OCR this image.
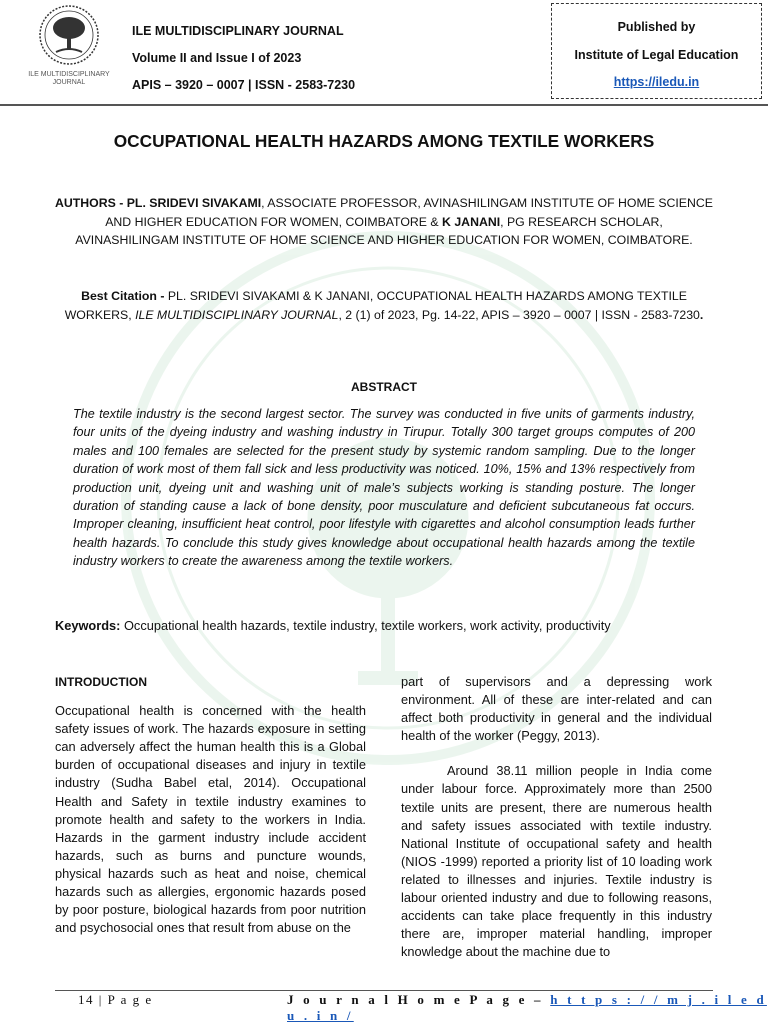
ILE MULTIDISCIPLINARY
JOURNAL
ILE MULTIDISCIPLINARY JOURNAL
Volume II and Issue I of 2023
APIS – 3920 – 0007 | ISSN - 2583-7230
Published by
Institute of Legal Education
https://iledu.in
OCCUPATIONAL HEALTH HAZARDS AMONG TEXTILE WORKERS
AUTHORS - PL. SRIDEVI SIVAKAMI, ASSOCIATE PROFESSOR, AVINASHILINGAM INSTITUTE OF HOME SCIENCE AND HIGHER EDUCATION FOR WOMEN, COIMBATORE & K JANANI, PG RESEARCH SCHOLAR, AVINASHILINGAM INSTITUTE OF HOME SCIENCE AND HIGHER EDUCATION FOR WOMEN, COIMBATORE.
Best Citation - PL. SRIDEVI SIVAKAMI & K JANANI, OCCUPATIONAL HEALTH HAZARDS AMONG TEXTILE WORKERS, ILE MULTIDISCIPLINARY JOURNAL, 2 (1) of 2023, Pg. 14-22, APIS – 3920 – 0007 | ISSN - 2583-7230.
ABSTRACT
The textile industry is the second largest sector. The survey was conducted in five units of garments industry, four units of the dyeing industry and washing industry in Tirupur. Totally 300 target groups computes of 200 males and 100 females are selected for the present study by systemic random sampling. Due to the longer duration of work most of them fall sick and less productivity was noticed. 10%, 15% and 13% respectively from production unit, dyeing unit and washing unit of male’s subjects working is standing posture. The longer duration of standing cause a lack of bone density, poor musculature and deficient subcutaneous fat occurs. Improper cleaning, insufficient heat control, poor lifestyle with cigarettes and alcohol consumption leads further health hazards. To conclude this study gives knowledge about occupational health hazards among the textile industry workers to create the awareness among the textile workers.
Keywords: Occupational health hazards, textile industry, textile workers, work activity, productivity
INTRODUCTION
Occupational health is concerned with the health safety issues of work. The hazards exposure in setting can adversely affect the human health this is a Global burden of occupational diseases and injury in textile industry (Sudha Babel etal, 2014). Occupational Health and Safety in textile industry examines to promote health and safety to the workers in India. Hazards in the garment industry include accident hazards, such as burns and puncture wounds, physical hazards such as heat and noise, chemical hazards such as allergies, ergonomic hazards posed by poor posture, biological hazards from poor nutrition and psychosocial ones that result from abuse on the
part of supervisors and a depressing work environment. All of these are inter-related and can affect both productivity in general and the individual health of the worker (Peggy, 2013).
Around 38.11 million people in India come under labour force. Approximately more than 2500 textile units are present, there are numerous health and safety issues associated with textile industry. National Institute of occupational safety and health (NIOS -1999) reported a priority list of 10 loading work related to illnesses and injuries. Textile industry is labour oriented industry and due to following reasons, accidents can take place frequently in this industry there are, improper material handling, improper knowledge about the machine due to
14 | P a g e	J o u r n a l H o m e P a g e – h t t p s : / / m j . i l e d u . i n /
